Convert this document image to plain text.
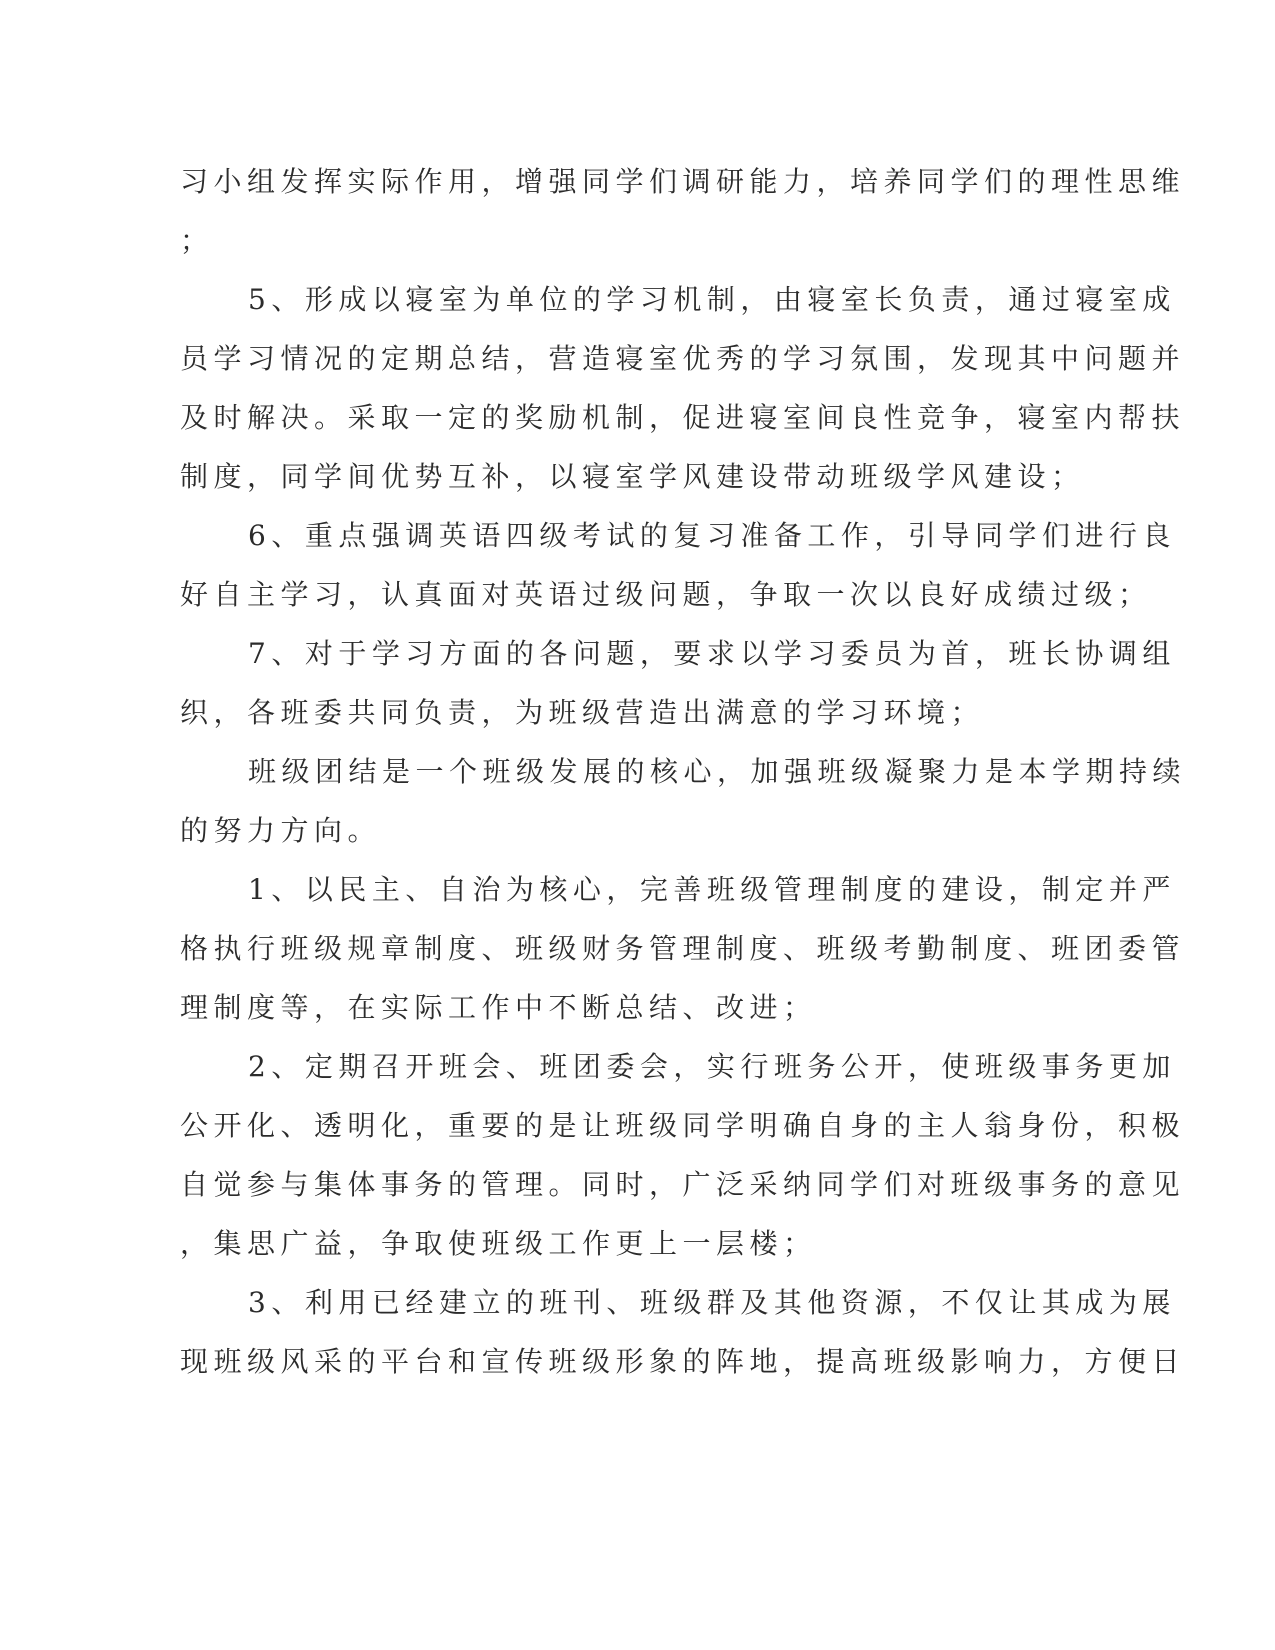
习小组发挥实际作用，增强同学们调研能力，培养同学们的理性思维
；
5、形成以寝室为单位的学习机制，由寝室长负责，通过寝室成
员学习情况的定期总结，营造寝室优秀的学习氛围，发现其中问题并
及时解决。采取一定的奖励机制，促进寝室间良性竞争，寝室内帮扶
制度，同学间优势互补，以寝室学风建设带动班级学风建设；
6、重点强调英语四级考试的复习准备工作，引导同学们进行良
好自主学习，认真面对英语过级问题，争取一次以良好成绩过级；
7、对于学习方面的各问题，要求以学习委员为首，班长协调组
织，各班委共同负责，为班级营造出满意的学习环境；
班级团结是一个班级发展的核心，加强班级凝聚力是本学期持续
的努力方向。
1、以民主、自治为核心，完善班级管理制度的建设，制定并严
格执行班级规章制度、班级财务管理制度、班级考勤制度、班团委管
理制度等，在实际工作中不断总结、改进；
2、定期召开班会、班团委会，实行班务公开，使班级事务更加
公开化、透明化，重要的是让班级同学明确自身的主人翁身份，积极
自觉参与集体事务的管理。同时，广泛采纳同学们对班级事务的意见
，集思广益，争取使班级工作更上一层楼；
3、利用已经建立的班刊、班级群及其他资源，不仅让其成为展
现班级风采的平台和宣传班级形象的阵地，提高班级影响力，方便日
